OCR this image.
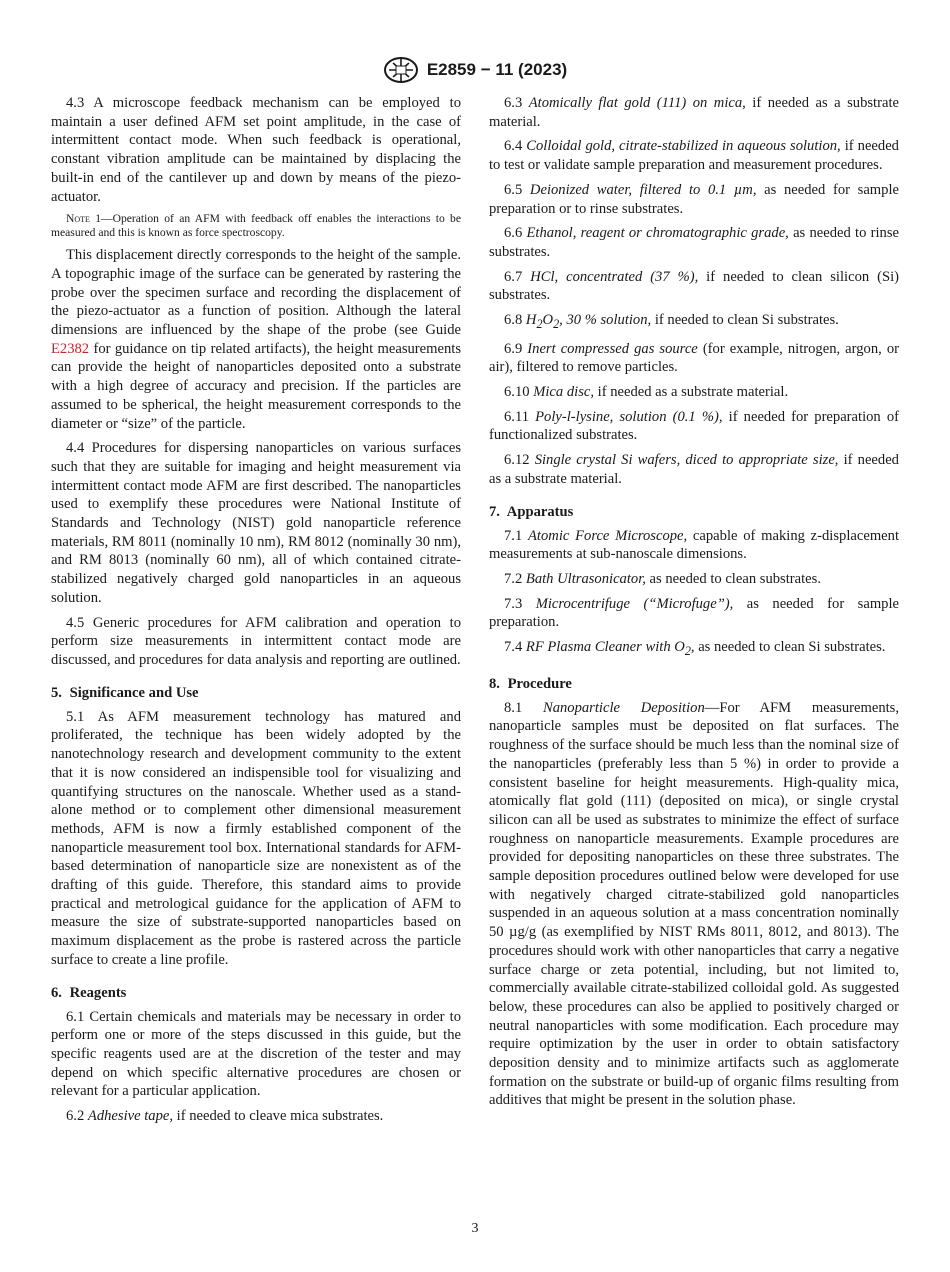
E2859 − 11 (2023)

4.3 A microscope feedback mechanism can be employed to maintain a user defined AFM set point amplitude, in the case of intermittent contact mode. When such feedback is operational, constant vibration amplitude can be maintained by displacing the built-in end of the cantilever up and down by means of the piezo-actuator.

Note 1—Operation of an AFM with feedback off enables the interactions to be measured and this is known as force spectroscopy.

This displacement directly corresponds to the height of the sample. A topographic image of the surface can be generated by rastering the probe over the specimen surface and recording the displacement of the piezo-actuator as a function of position. Although the lateral dimensions are influenced by the shape of the probe (see Guide E2382 for guidance on tip related artifacts), the height measurements can provide the height of nanoparticles deposited onto a substrate with a high degree of accuracy and precision. If the particles are assumed to be spherical, the height measurement corresponds to the diameter or “size” of the particle.

4.4 Procedures for dispersing nanoparticles on various surfaces such that they are suitable for imaging and height measurement via intermittent contact mode AFM are first described. The nanoparticles used to exemplify these procedures were National Institute of Standards and Technology (NIST) gold nanoparticle reference materials, RM 8011 (nominally 10 nm), RM 8012 (nominally 30 nm), and RM 8013 (nominally 60 nm), all of which contained citrate-stabilized negatively charged gold nanoparticles in an aqueous solution.

4.5 Generic procedures for AFM calibration and operation to perform size measurements in intermittent contact mode are discussed, and procedures for data analysis and reporting are outlined.

5. Significance and Use

5.1 As AFM measurement technology has matured and proliferated, the technique has been widely adopted by the nanotechnology research and development community to the extent that it is now considered an indispensible tool for visualizing and quantifying structures on the nanoscale. Whether used as a stand-alone method or to complement other dimensional measurement methods, AFM is now a firmly established component of the nanoparticle measurement tool box. International standards for AFM-based determination of nanoparticle size are nonexistent as of the drafting of this guide. Therefore, this standard aims to provide practical and metrological guidance for the application of AFM to measure the size of substrate-supported nanoparticles based on maximum displacement as the probe is rastered across the particle surface to create a line profile.

6. Reagents

6.1 Certain chemicals and materials may be necessary in order to perform one or more of the steps discussed in this guide, but the specific reagents used are at the discretion of the tester and may depend on which specific alternative procedures are chosen or relevant for a particular application.

6.2 Adhesive tape, if needed to cleave mica substrates.

6.3 Atomically flat gold (111) on mica, if needed as a substrate material.

6.4 Colloidal gold, citrate-stabilized in aqueous solution, if needed to test or validate sample preparation and measurement procedures.

6.5 Deionized water, filtered to 0.1 µm, as needed for sample preparation or to rinse substrates.

6.6 Ethanol, reagent or chromatographic grade, as needed to rinse substrates.

6.7 HCl, concentrated (37 %), if needed to clean silicon (Si) substrates.

6.8 $H_2O_2$, 30 % solution, if needed to clean Si substrates.

6.9 Inert compressed gas source (for example, nitrogen, argon, or air), filtered to remove particles.

6.10 Mica disc, if needed as a substrate material.

6.11 Poly-l-lysine, solution (0.1 %), if needed for preparation of functionalized substrates.

6.12 Single crystal Si wafers, diced to appropriate size, if needed as a substrate material.

7. Apparatus

7.1 Atomic Force Microscope, capable of making z-displacement measurements at sub-nanoscale dimensions.

7.2 Bath Ultrasonicator, as needed to clean substrates.

7.3 Microcentrifuge (“Microfuge”), as needed for sample preparation.

7.4 RF Plasma Cleaner with $O_2$, as needed to clean Si substrates.

8. Procedure

8.1 Nanoparticle Deposition—For AFM measurements, nanoparticle samples must be deposited on flat surfaces. The roughness of the surface should be much less than the nominal size of the nanoparticles (preferably less than 5 %) in order to provide a consistent baseline for height measurements. High-quality mica, atomically flat gold (111) (deposited on mica), or single crystal silicon can all be used as substrates to minimize the effect of surface roughness on nanoparticle measurements. Example procedures are provided for depositing nanoparticles on these three substrates. The sample deposition procedures outlined below were developed for use with negatively charged citrate-stabilized gold nanoparticles suspended in an aqueous solution at a mass concentration nominally 50 µg/g (as exemplified by NIST RMs 8011, 8012, and 8013). The procedures should work with other nanoparticles that carry a negative surface charge or zeta potential, including, but not limited to, commercially available citrate-stabilized colloidal gold. As suggested below, these procedures can also be applied to positively charged or neutral nanoparticles with some modification. Each procedure may require optimization by the user in order to obtain satisfactory deposition density and to minimize artifacts such as agglomerate formation on the substrate or build-up of organic films resulting from additives that might be present in the solution phase.

3
